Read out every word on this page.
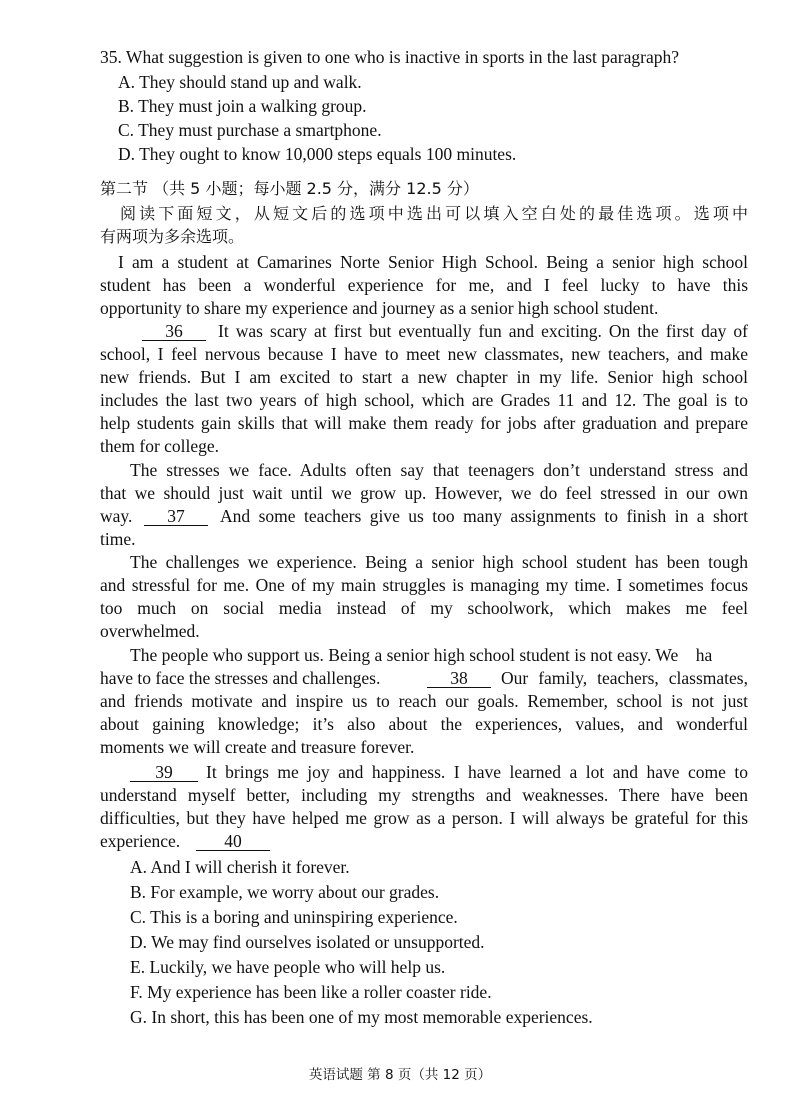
35. What suggestion is given to one who is inactive in sports in the last paragraph?
A. They should stand up and walk.
B. They must join a walking group.
C. They must purchase a smartphone.
D. They ought to know 10,000 steps equals 100 minutes.
第二节 （共 5 小题；每小题 2.5 分，满分 12.5 分）
阅读下面短文，从短文后的选项中选出可以填入空白处的最佳选项。选项中
有两项为多余选项。
I am a student at Camarines Norte Senior High School. Being a senior high school
student has been a wonderful experience for me, and I feel lucky to have this
opportunity to share my experience and journey as a senior high school student.
36	It was scary at first but eventually fun and exciting. On the first day of
school, I feel nervous because I have to meet new classmates, new teachers, and make
new friends. But I am excited to start a new chapter in my life. Senior high school
includes the last two years of high school, which are Grades 11 and 12. The goal is to
help students gain skills that will make them ready for jobs after graduation and prepare
them for college.
The stresses we face. Adults often say that teenagers don’t understand stress and
that we should just wait until we grow up. However, we do feel stressed in our own
way.	37	And some teachers give us too many assignments to finish in a short
time.
The challenges we experience. Being a senior high school student has been tough
and stressful for me. One of my main struggles is managing my time. I sometimes focus
too much on social media instead of my schoolwork, which makes me feel
overwhelmed.
The people who support us. Being a senior high school student is not easy. We    ha
have to face the stresses and challenges.	38	Our family, teachers, classmates,
and friends motivate and inspire us to reach our goals. Remember, school is not just
about gaining knowledge; it’s also about the experiences, values, and wonderful
moments we will create and treasure forever.
39	It brings me joy and happiness. I have learned a lot and have come to
understand myself better, including my strengths and weaknesses. There have been
difficulties, but they have helped me grow as a person. I will always be grateful for this
experience.	40
A. And I will cherish it forever.
B. For example, we worry about our grades.
C. This is a boring and uninspiring experience.
D. We may find ourselves isolated or unsupported.
E. Luckily, we have people who will help us.
F. My experience has been like a roller coaster ride.
G. In short, this has been one of my most memorable experiences.
英语试题 第 8 页（共 12 页）
